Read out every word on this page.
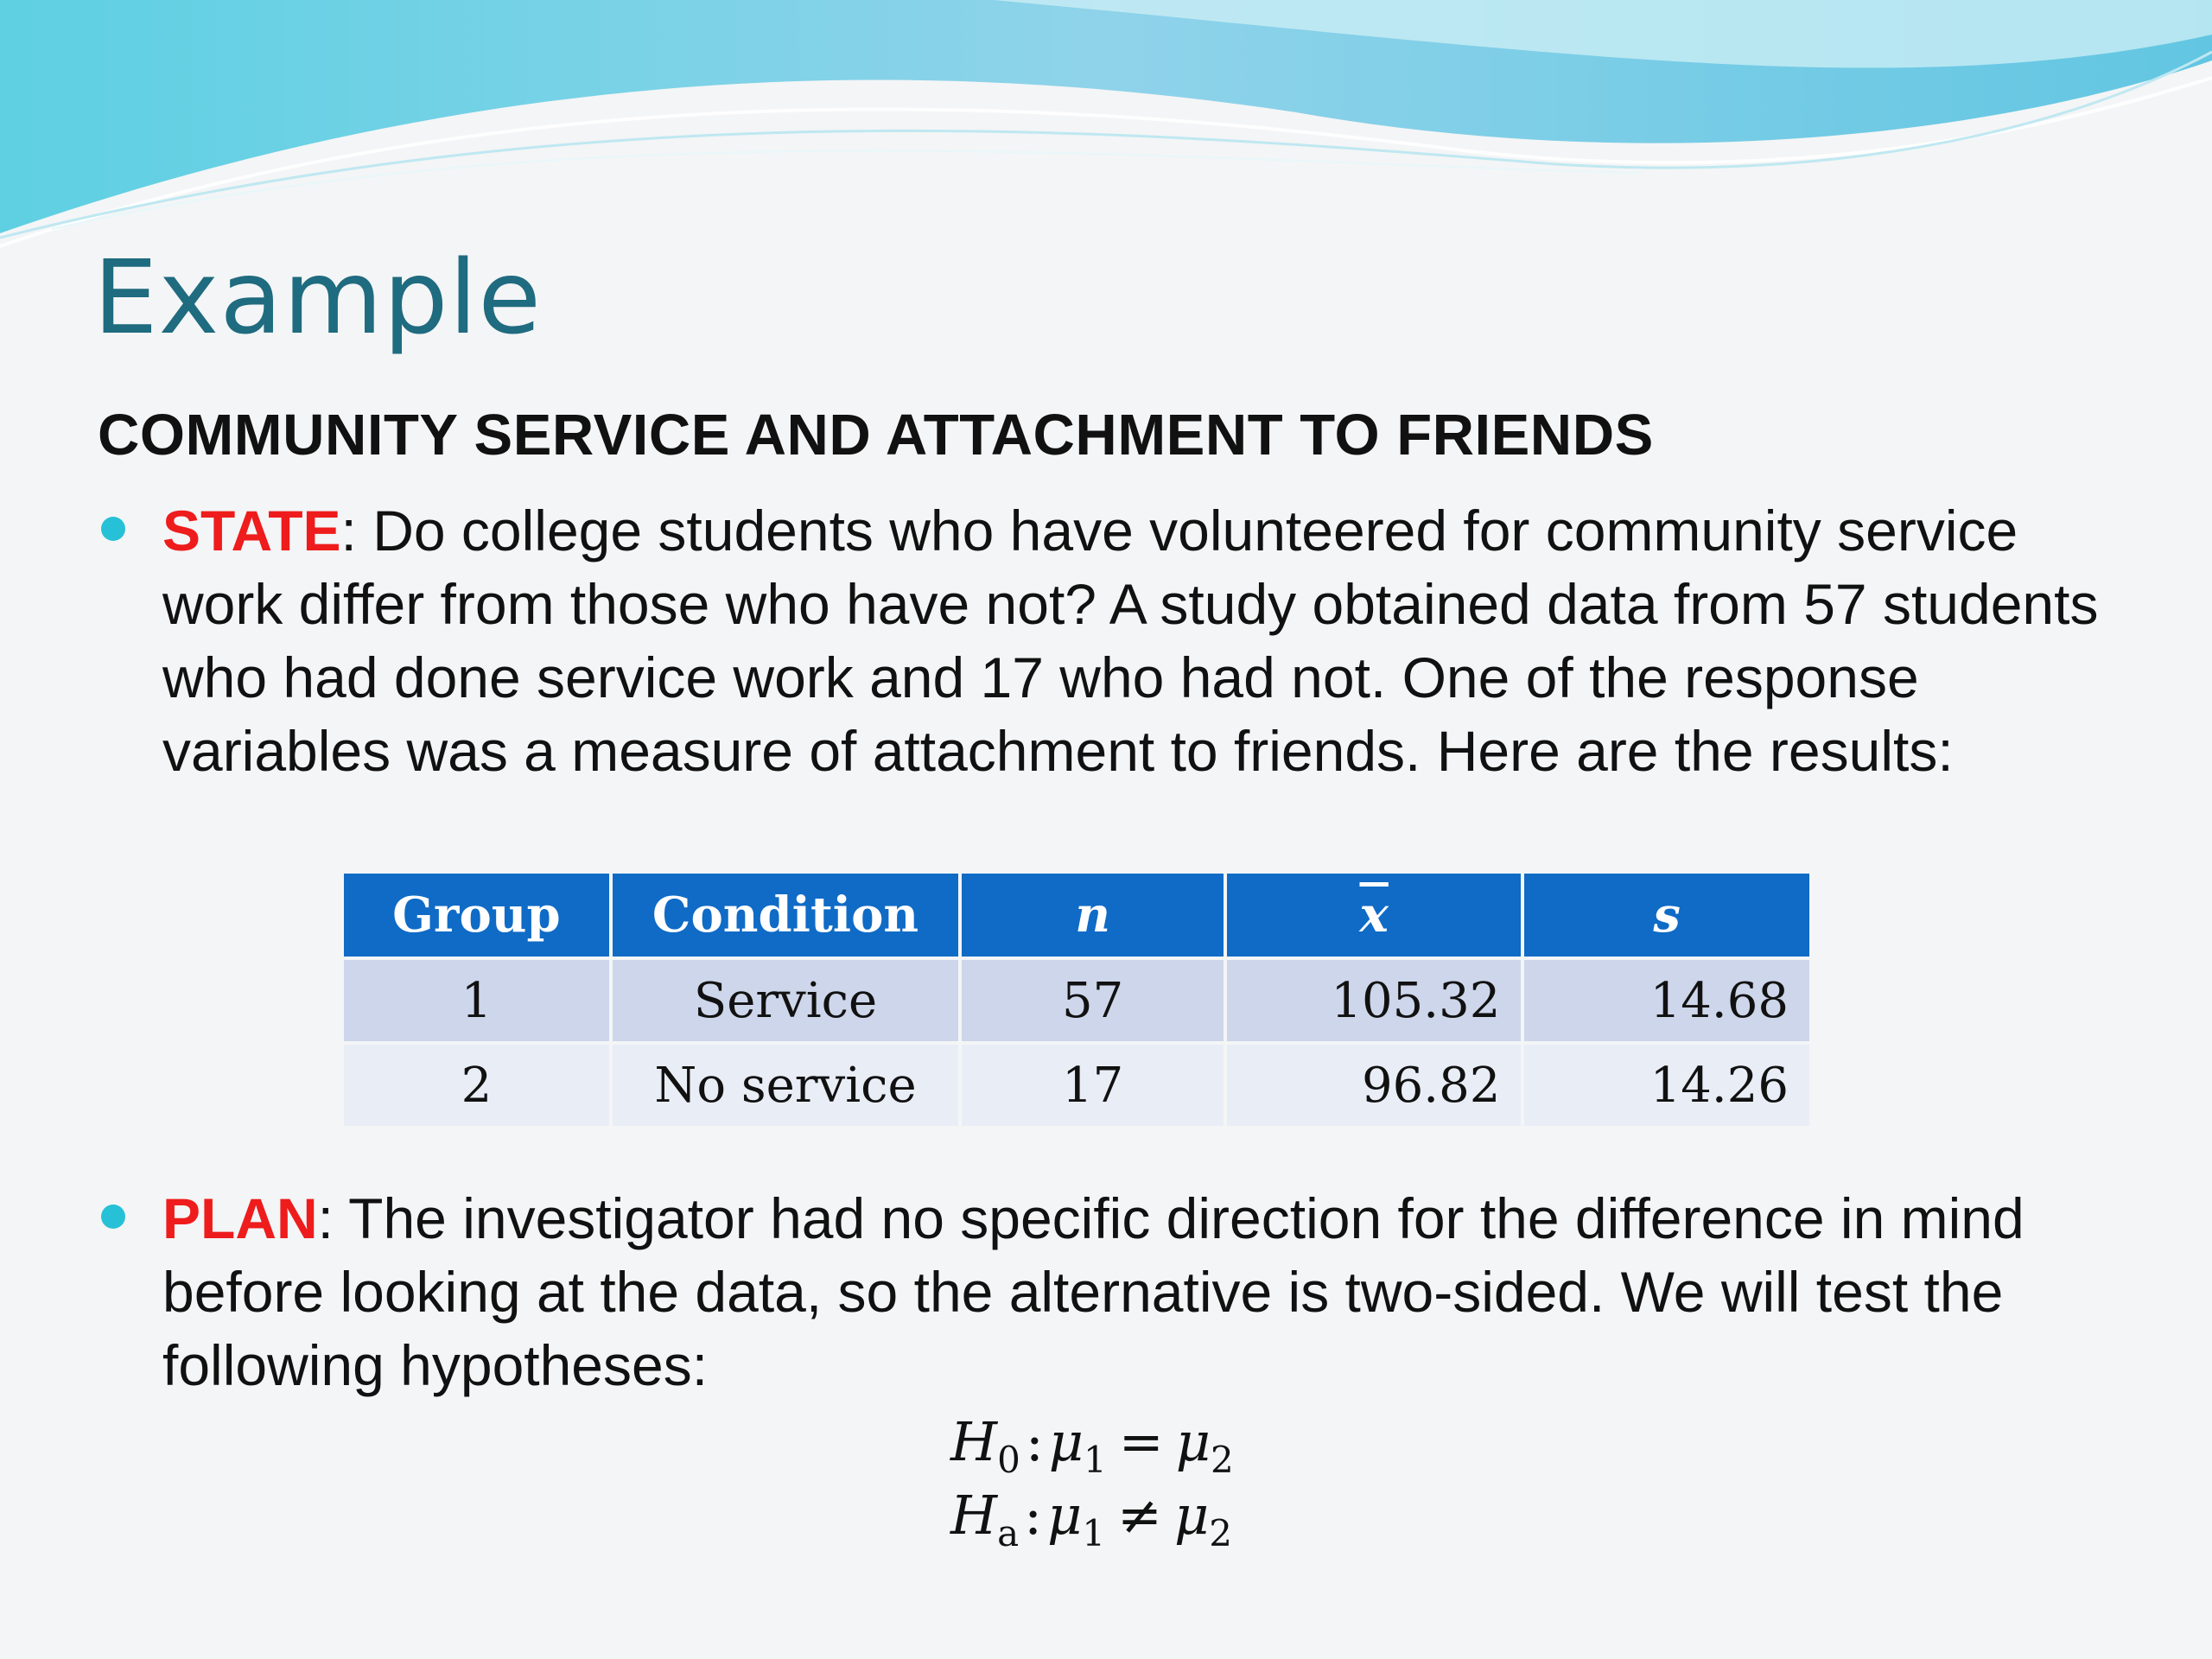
Example
COMMUNITY SERVICE AND ATTACHMENT TO FRIENDS
STATE: Do college students who have volunteered for community service work differ from those who have not? A study obtained data from 57 students who had done service work and 17 who had not. One of the response variables was a measure of attachment to friends. Here are the results:
Group	Condition	n	$\overline{x}$	s
1	Service	57	105.32	14.68
2	No service	17	96.82	14.26
PLAN: The investigator had no specific direction for the difference in mind before looking at the data, so the alternative is two-sided. We will test the following hypotheses:
$H_0:\mu_1 = \mu_2$
$H_a:\mu_1 \ne \mu_2$
